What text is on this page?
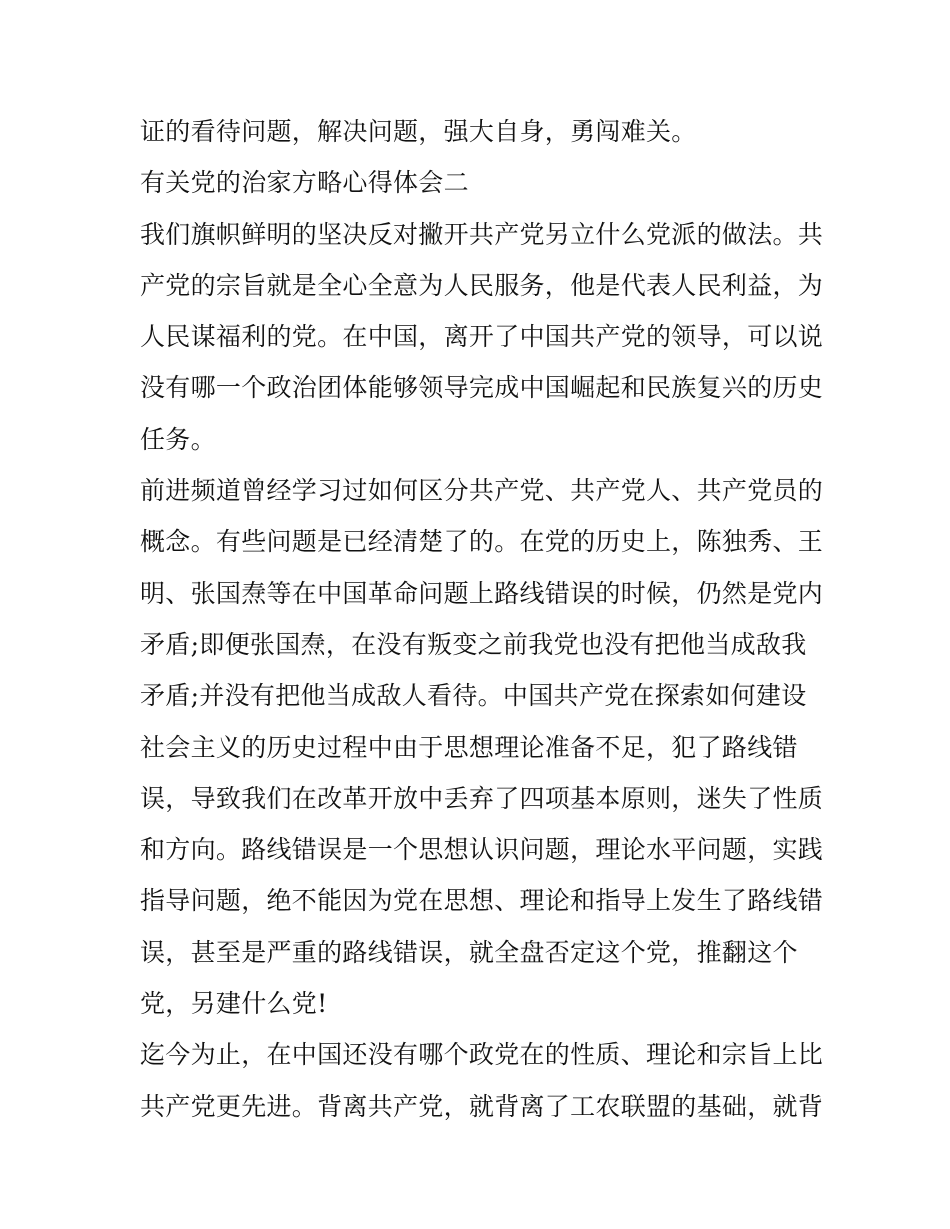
证的看待问题，解决问题，强大自身，勇闯难关。
有关党的治家方略心得体会二
我们旗帜鲜明的坚决反对撇开共产党另立什么党派的做法。共
产党的宗旨就是全心全意为人民服务，他是代表人民利益，为
人民谋福利的党。在中国，离开了中国共产党的领导，可以说
没有哪一个政治团体能够领导完成中国崛起和民族复兴的历史
任务。
前进频道曾经学习过如何区分共产党、共产党人、共产党员的
概念。有些问题是已经清楚了的。在党的历史上，陈独秀、王
明、张国焘等在中国革命问题上路线错误的时候，仍然是党内
矛盾;即便张国焘，在没有叛变之前我党也没有把他当成敌我
矛盾;并没有把他当成敌人看待。中国共产党在探索如何建设
社会主义的历史过程中由于思想理论准备不足，犯了路线错
误，导致我们在改革开放中丢弃了四项基本原则，迷失了性质
和方向。路线错误是一个思想认识问题，理论水平问题，实践
指导问题，绝不能因为党在思想、理论和指导上发生了路线错
误，甚至是严重的路线错误，就全盘否定这个党，推翻这个
党，另建什么党!
迄今为止，在中国还没有哪个政党在的性质、理论和宗旨上比
共产党更先进。背离共产党，就背离了工农联盟的基础，就背
